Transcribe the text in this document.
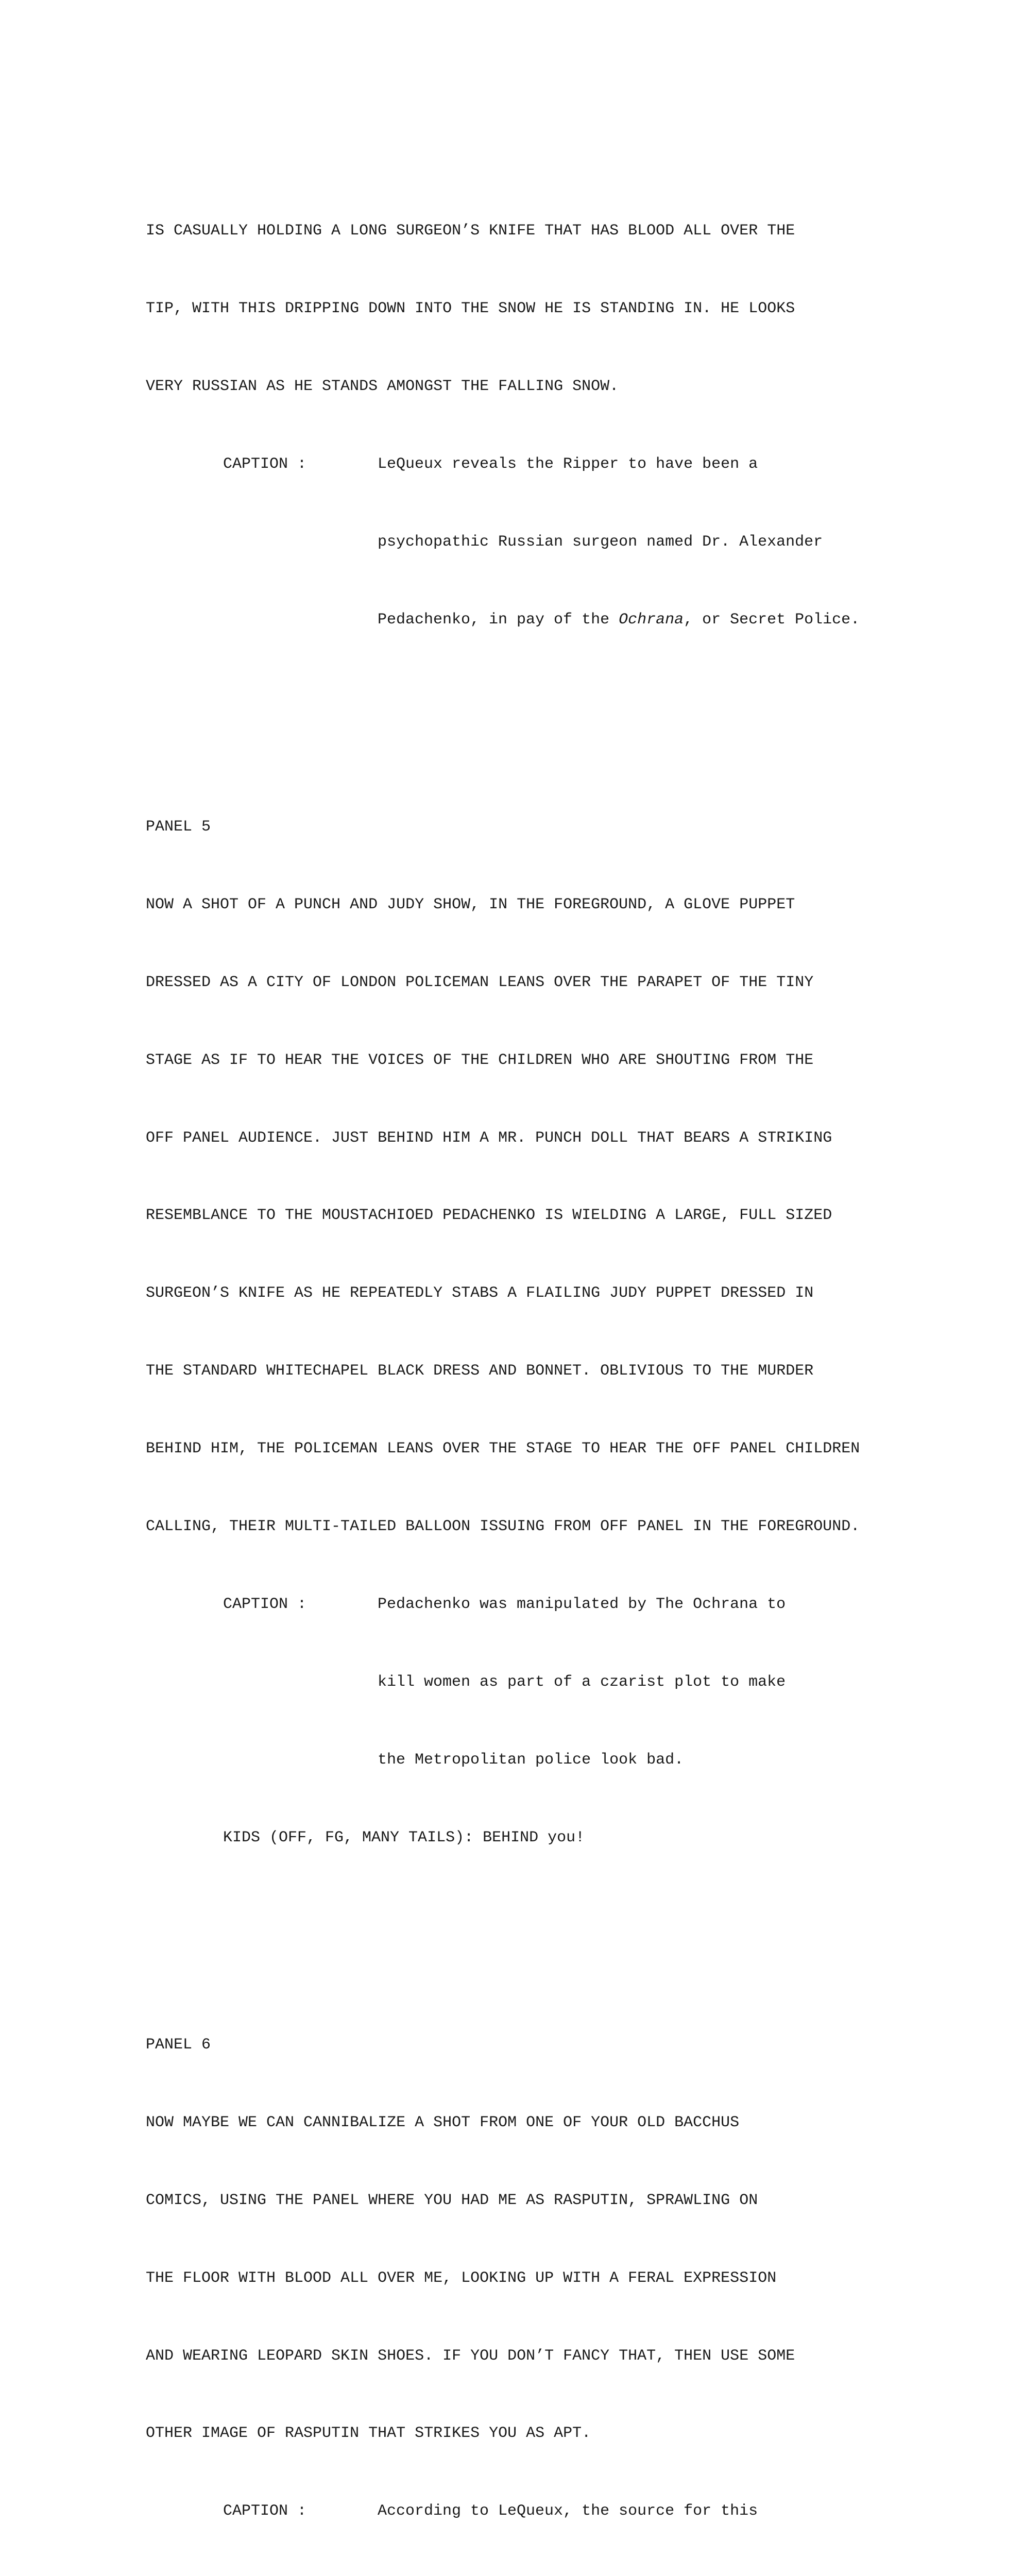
IS CASUALLY HOLDING A LONG SURGEON’S KNIFE THAT HAS BLOOD ALL OVER THE

TIP, WITH THIS DRIPPING DOWN INTO THE SNOW HE IS STANDING IN. HE LOOKS

VERY RUSSIAN AS HE STANDS AMONGST THE FALLING SNOW.

CAPTION :	LeQueux reveals the Ripper to have been a

psychopathic Russian surgeon named Dr. Alexander

Pedachenko, in pay of the Ochrana, or Secret Police.

PANEL 5

NOW A SHOT OF A PUNCH AND JUDY SHOW, IN THE FOREGROUND, A GLOVE PUPPET

DRESSED AS A CITY OF LONDON POLICEMAN LEANS OVER THE PARAPET OF THE TINY

STAGE AS IF TO HEAR THE VOICES OF THE CHILDREN WHO ARE SHOUTING FROM THE

OFF PANEL AUDIENCE. JUST BEHIND HIM A MR. PUNCH DOLL THAT BEARS A STRIKING

RESEMBLANCE TO THE MOUSTACHIOED PEDACHENKO IS WIELDING A LARGE, FULL SIZED

SURGEON’S KNIFE AS HE REPEATEDLY STABS A FLAILING JUDY PUPPET DRESSED IN

THE STANDARD WHITECHAPEL BLACK DRESS AND BONNET. OBLIVIOUS TO THE MURDER

BEHIND HIM, THE POLICEMAN LEANS OVER THE STAGE TO HEAR THE OFF PANEL CHILDREN

CALLING, THEIR MULTI-TAILED BALLOON ISSUING FROM OFF PANEL IN THE FOREGROUND.

CAPTION :	Pedachenko was manipulated by The Ochrana to

kill women as part of a czarist plot to make

the Metropolitan police look bad.

KIDS (OFF, FG, MANY TAILS): BEHIND you!

PANEL 6

NOW MAYBE WE CAN CANNIBALIZE A SHOT FROM ONE OF YOUR OLD BACCHUS

COMICS, USING THE PANEL WHERE YOU HAD ME AS RASPUTIN, SPRAWLING ON

THE FLOOR WITH BLOOD ALL OVER ME, LOOKING UP WITH A FERAL EXPRESSION

AND WEARING LEOPARD SKIN SHOES. IF YOU DON’T FANCY THAT, THEN USE SOME

OTHER IMAGE OF RASPUTIN THAT STRIKES YOU AS APT.

CAPTION :	According to LeQueux, the source for this
